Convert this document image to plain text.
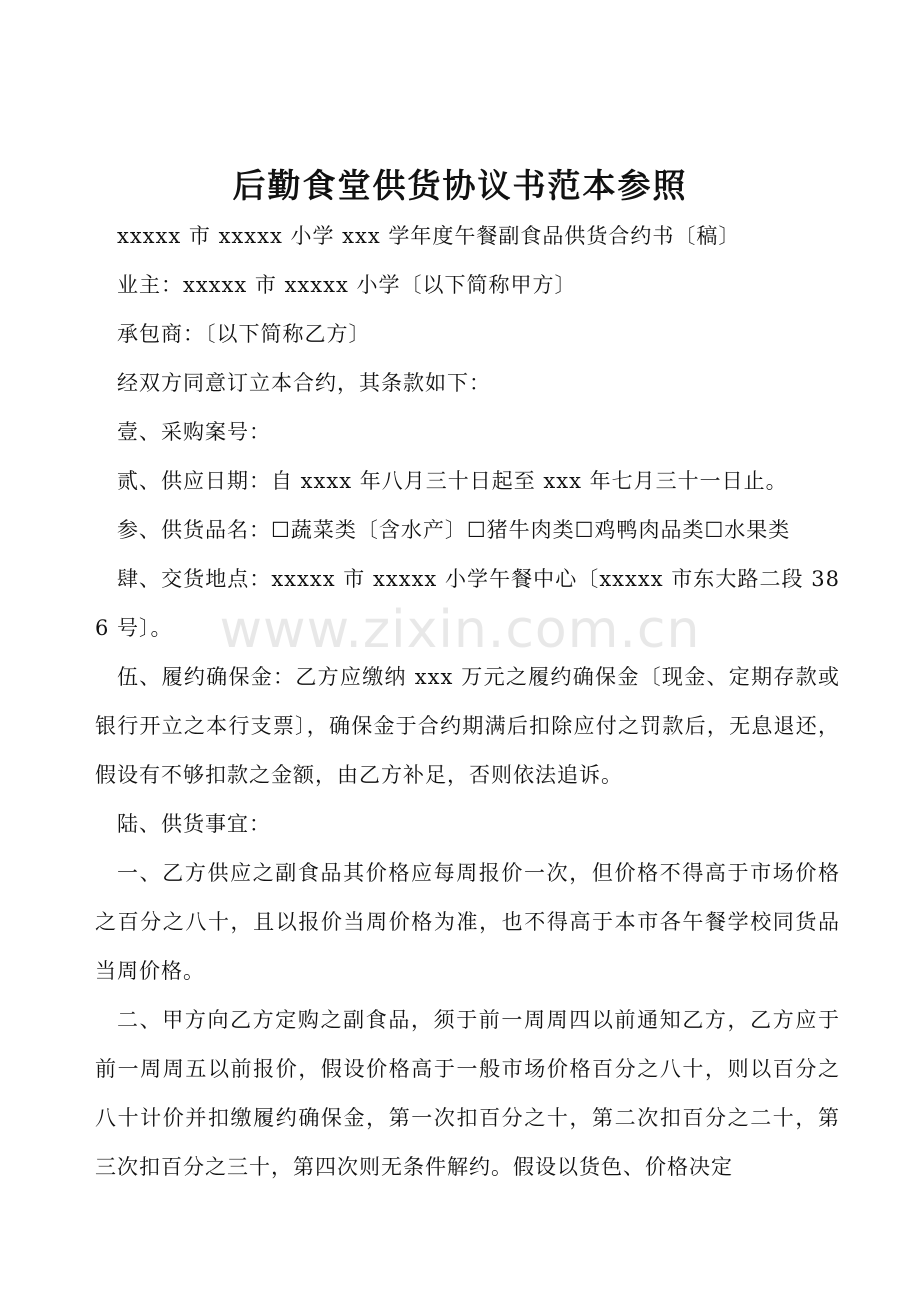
后勤食堂供货协议书范本参照

xxxxx 市 xxxxx 小学 xxx 学年度午餐副食品供货合约书〔稿〕

业主：xxxxx 市 xxxxx 小学〔以下简称甲方〕

承包商：〔以下简称乙方〕

经双方同意订立本合约，其条款如下：

壹、采购案号：

贰、供应日期：自 xxxx 年八月三十日起至 xxx 年七月三十一日止。

参、供货品名：☐蔬菜类〔含水产〕☐猪牛肉类☐鸡鸭肉品类☐水果类

肆、交货地点：xxxxx 市 xxxxx 小学午餐中心〔xxxxx 市东大路二段 386 号〕。

伍、履约确保金：乙方应缴纳 xxx 万元之履约确保金〔现金、定期存款或银行开立之本行支票〕，确保金于合约期满后扣除应付之罚款后，无息退还，假设有不够扣款之金额，由乙方补足，否则依法追诉。

陆、供货事宜：

一、乙方供应之副食品其价格应每周报价一次，但价格不得高于市场价格之百分之八十，且以报价当周价格为准，也不得高于本市各午餐学校同货品当周价格。

二、甲方向乙方定购之副食品，须于前一周周四以前通知乙方，乙方应于前一周周五以前报价，假设价格高于一般市场价格百分之八十，则以百分之八十计价并扣缴履约确保金，第一次扣百分之十，第二次扣百分之二十，第三次扣百分之三十，第四次则无条件解约。假设以货色、价格决定

www.zixin.com.cn
